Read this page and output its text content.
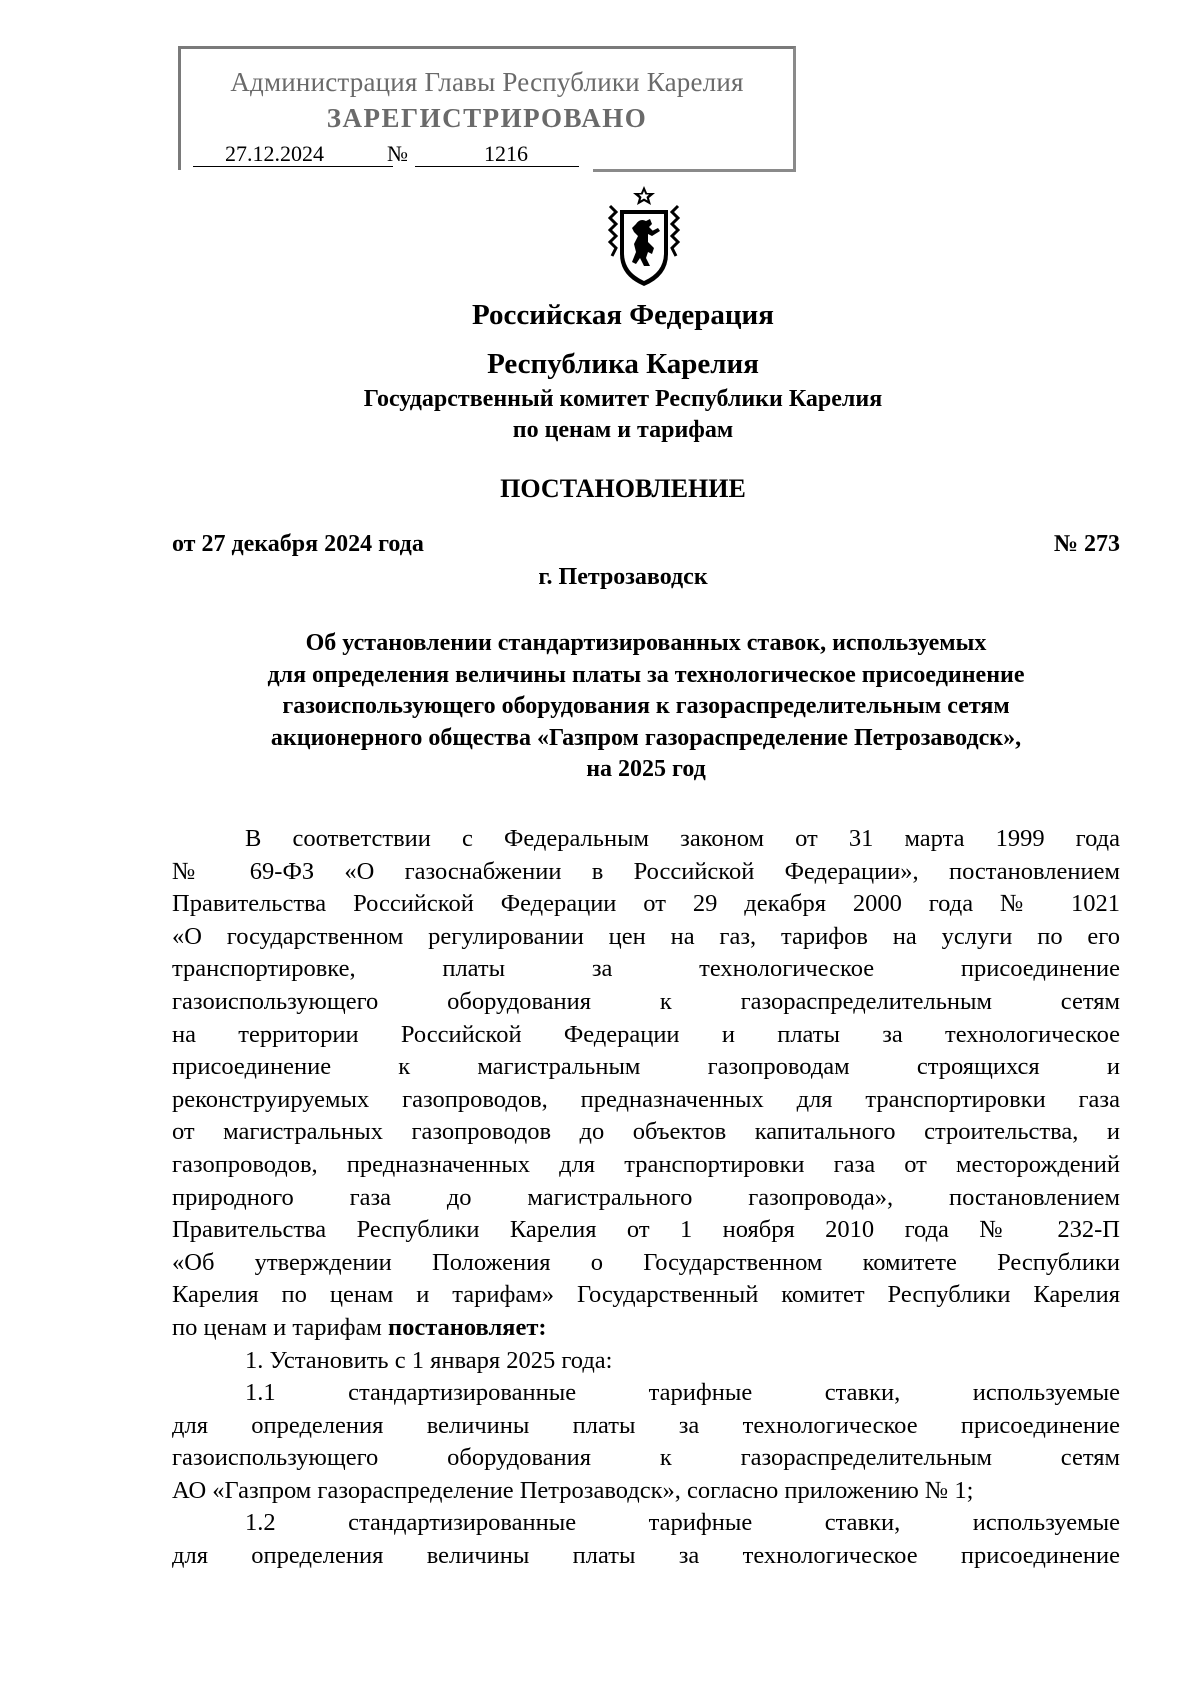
Администрация Главы Республики Карелия
ЗАРЕГИСТРИРОВАНО
27.12.2024	№	1216
Российская Федерация
Республика Карелия
Государственный комитет Республики Карелия
по ценам и тарифам
ПОСТАНОВЛЕНИЕ
от 27 декабря 2024 года	№ 273
г. Петрозаводск
Об установлении стандартизированных ставок, используемых
для определения величины платы за технологическое присоединение
газоиспользующего оборудования к газораспределительным сетям
акционерного общества «Газпром газораспределение Петрозаводск»,
на 2025 год
В соответствии с Федеральным законом от 31 марта 1999 года
№ 69-ФЗ «О газоснабжении в Российской Федерации», постановлением
Правительства Российской Федерации от 29 декабря 2000 года № 1021
«О государственном регулировании цен на газ, тарифов на услуги по его
транспортировке, платы за технологическое присоединение
газоиспользующего оборудования к газораспределительным сетям
на территории Российской Федерации и платы за технологическое
присоединение к магистральным газопроводам строящихся и
реконструируемых газопроводов, предназначенных для транспортировки газа
от магистральных газопроводов до объектов капитального строительства, и
газопроводов, предназначенных для транспортировки газа от месторождений
природного газа до магистрального газопровода», постановлением
Правительства Республики Карелия от 1 ноября 2010 года № 232-П
«Об утверждении Положения о Государственном комитете Республики
Карелия по ценам и тарифам» Государственный комитет Республики Карелия
по ценам и тарифам постановляет:
1. Установить с 1 января 2025 года:
1.1 стандартизированные тарифные ставки, используемые
для определения величины платы за технологическое присоединение
газоиспользующего оборудования к газораспределительным сетям
АО «Газпром газораспределение Петрозаводск», согласно приложению № 1;
1.2 стандартизированные тарифные ставки, используемые
для определения величины платы за технологическое присоединение
